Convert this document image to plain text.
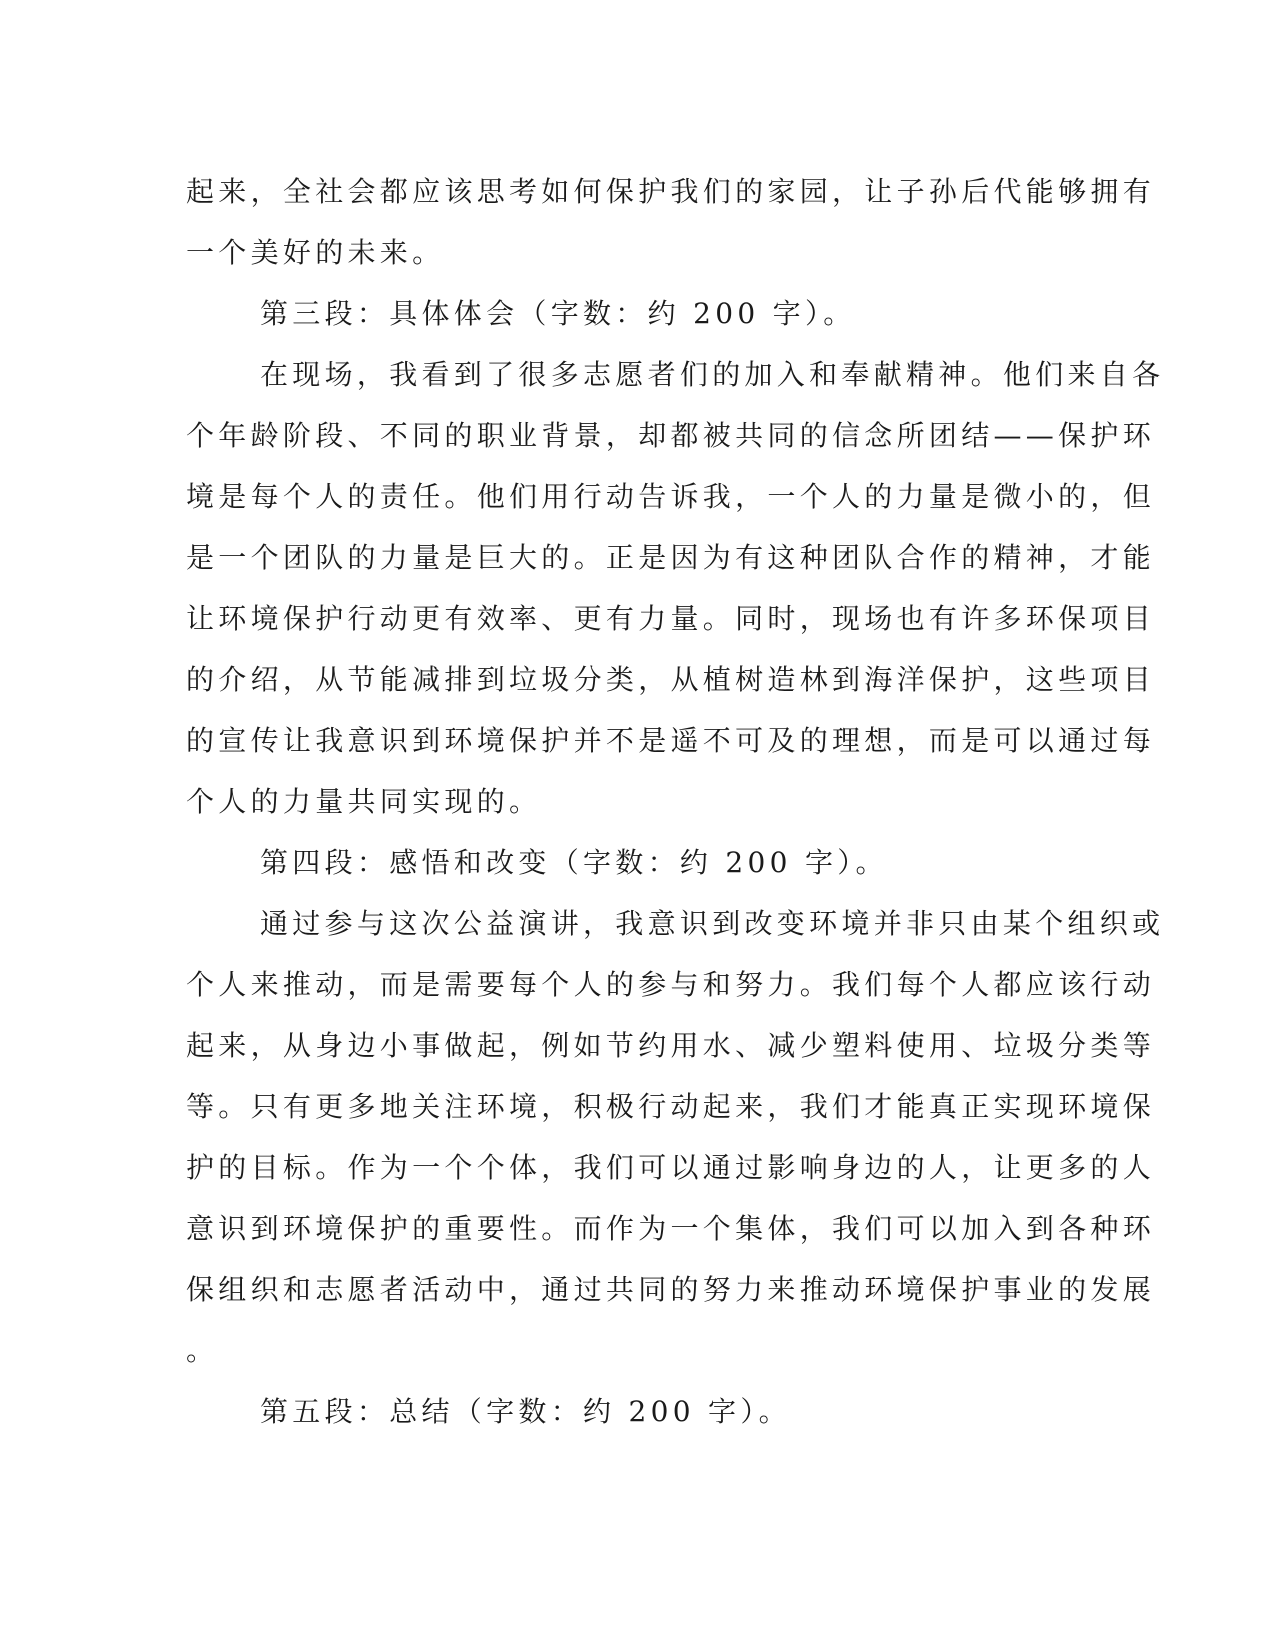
起来，全社会都应该思考如何保护我们的家园，让子孙后代能够拥有
一个美好的未来。
第三段：具体体会（字数：约 200 字）。
在现场，我看到了很多志愿者们的加入和奉献精神。他们来自各
个年龄阶段、不同的职业背景，却都被共同的信念所团结——保护环
境是每个人的责任。他们用行动告诉我，一个人的力量是微小的，但
是一个团队的力量是巨大的。正是因为有这种团队合作的精神，才能
让环境保护行动更有效率、更有力量。同时，现场也有许多环保项目
的介绍，从节能减排到垃圾分类，从植树造林到海洋保护，这些项目
的宣传让我意识到环境保护并不是遥不可及的理想，而是可以通过每
个人的力量共同实现的。
第四段：感悟和改变（字数：约 200 字）。
通过参与这次公益演讲，我意识到改变环境并非只由某个组织或
个人来推动，而是需要每个人的参与和努力。我们每个人都应该行动
起来，从身边小事做起，例如节约用水、减少塑料使用、垃圾分类等
等。只有更多地关注环境，积极行动起来，我们才能真正实现环境保
护的目标。作为一个个体，我们可以通过影响身边的人，让更多的人
意识到环境保护的重要性。而作为一个集体，我们可以加入到各种环
保组织和志愿者活动中，通过共同的努力来推动环境保护事业的发展
。
第五段：总结（字数：约 200 字）。
